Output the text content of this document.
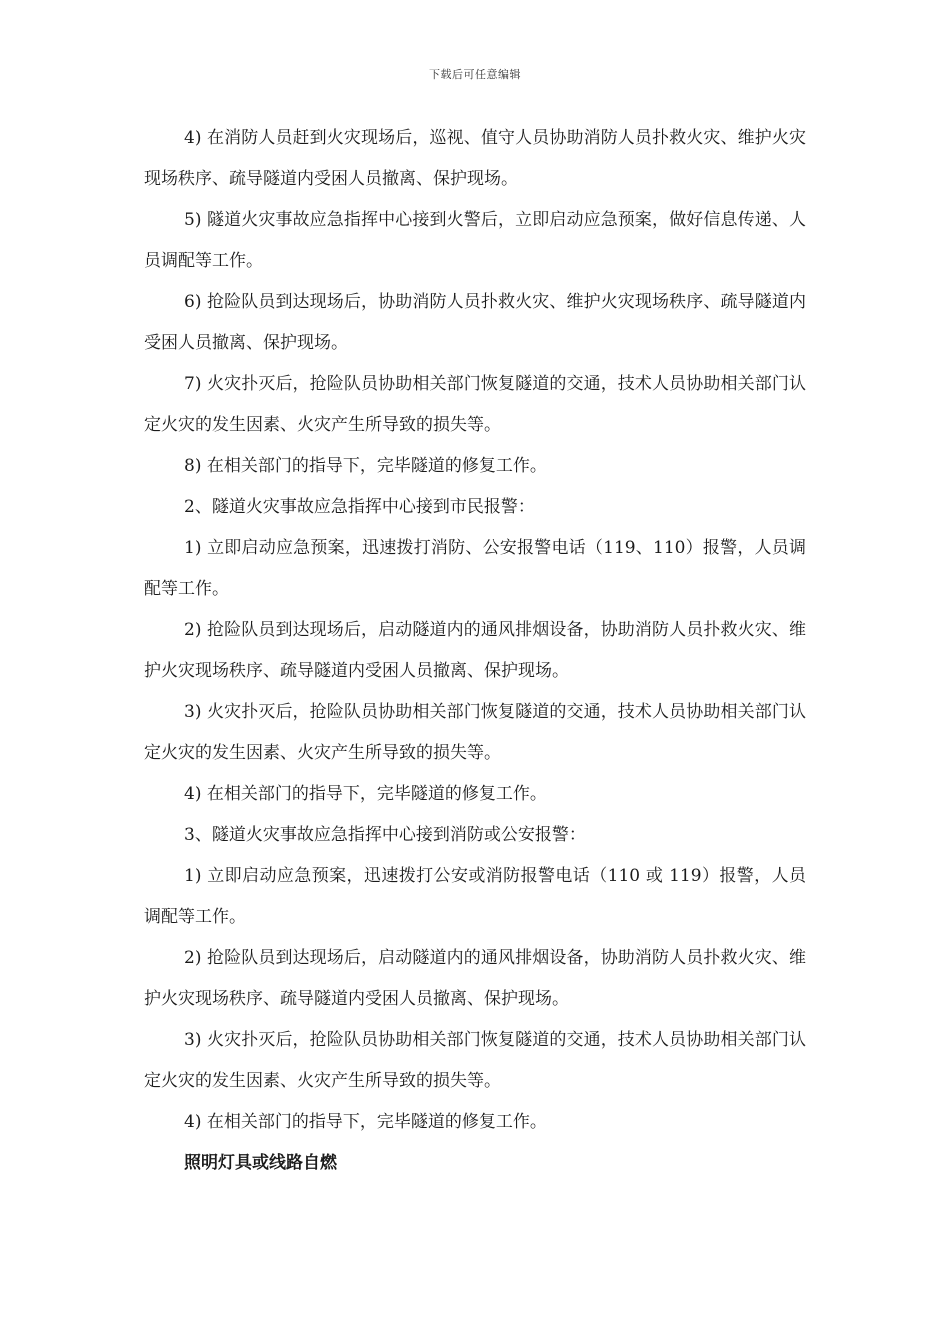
下载后可任意编辑

4) 在消防人员赶到火灾现场后，巡视、值守人员协助消防人员扑救火灾、维护火灾现场秩序、疏导隧道内受困人员撤离、保护现场。

5) 隧道火灾事故应急指挥中心接到火警后，立即启动应急预案，做好信息传递、人员调配等工作。

6) 抢险队员到达现场后，协助消防人员扑救火灾、维护火灾现场秩序、疏导隧道内受困人员撤离、保护现场。

7) 火灾扑灭后，抢险队员协助相关部门恢复隧道的交通，技术人员协助相关部门认定火灾的发生因素、火灾产生所导致的损失等。

8) 在相关部门的指导下，完毕隧道的修复工作。

2、隧道火灾事故应急指挥中心接到市民报警：

1) 立即启动应急预案，迅速拨打消防、公安报警电话（119、110）报警，人员调配等工作。

2) 抢险队员到达现场后，启动隧道内的通风排烟设备，协助消防人员扑救火灾、维护火灾现场秩序、疏导隧道内受困人员撤离、保护现场。

3) 火灾扑灭后，抢险队员协助相关部门恢复隧道的交通，技术人员协助相关部门认定火灾的发生因素、火灾产生所导致的损失等。

4) 在相关部门的指导下，完毕隧道的修复工作。

3、隧道火灾事故应急指挥中心接到消防或公安报警：

1) 立即启动应急预案，迅速拨打公安或消防报警电话（110 或 119）报警，人员调配等工作。

2) 抢险队员到达现场后，启动隧道内的通风排烟设备，协助消防人员扑救火灾、维护火灾现场秩序、疏导隧道内受困人员撤离、保护现场。

3) 火灾扑灭后，抢险队员协助相关部门恢复隧道的交通，技术人员协助相关部门认定火灾的发生因素、火灾产生所导致的损失等。

4) 在相关部门的指导下，完毕隧道的修复工作。

照明灯具或线路自燃
